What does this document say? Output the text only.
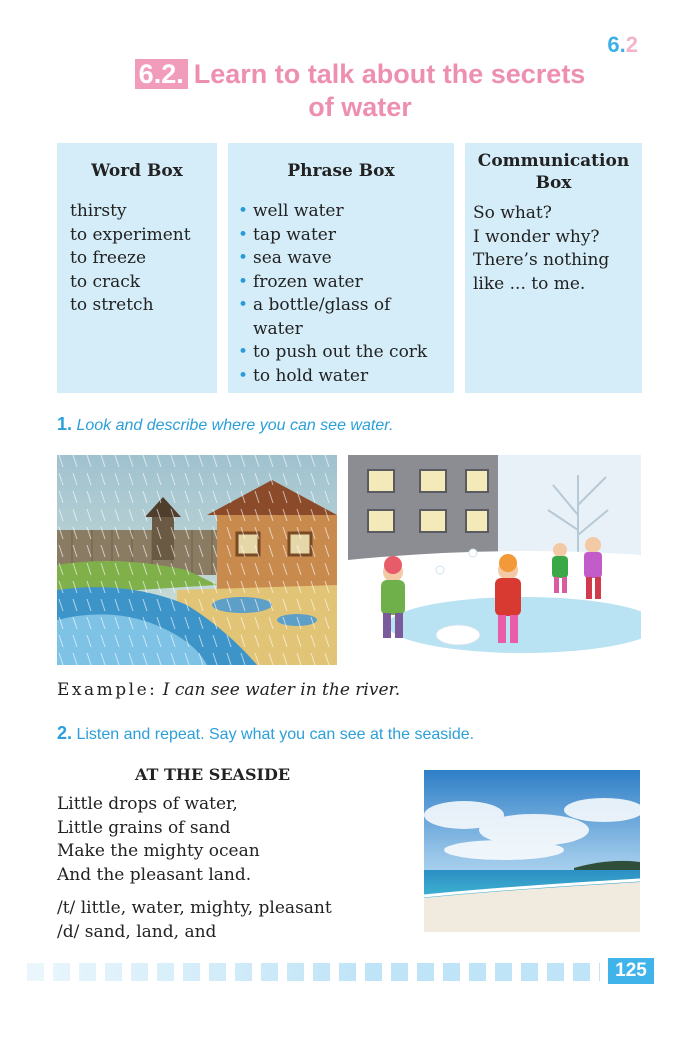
6.2
6.2. Learn to talk about the secrets
of water
Word Box
thirsty
to experiment
to freeze
to crack
to stretch
Phrase Box
• well water
• tap water
• sea wave
• frozen water
• a bottle/glass of
water
• to push out the cork
• to hold water
Communication
Box
So what?
I wonder why?
There’s nothing
like ... to me.
1. Look and describe where you can see water.
Example: I can see water in the river.
2. Listen and repeat. Say what you can see at the seaside.
AT THE SEASIDE
Little drops of water,
Little grains of sand
Make the mighty ocean
And the pleasant land.
/t/ little, water, mighty, pleasant
/d/ sand, land, and
125
